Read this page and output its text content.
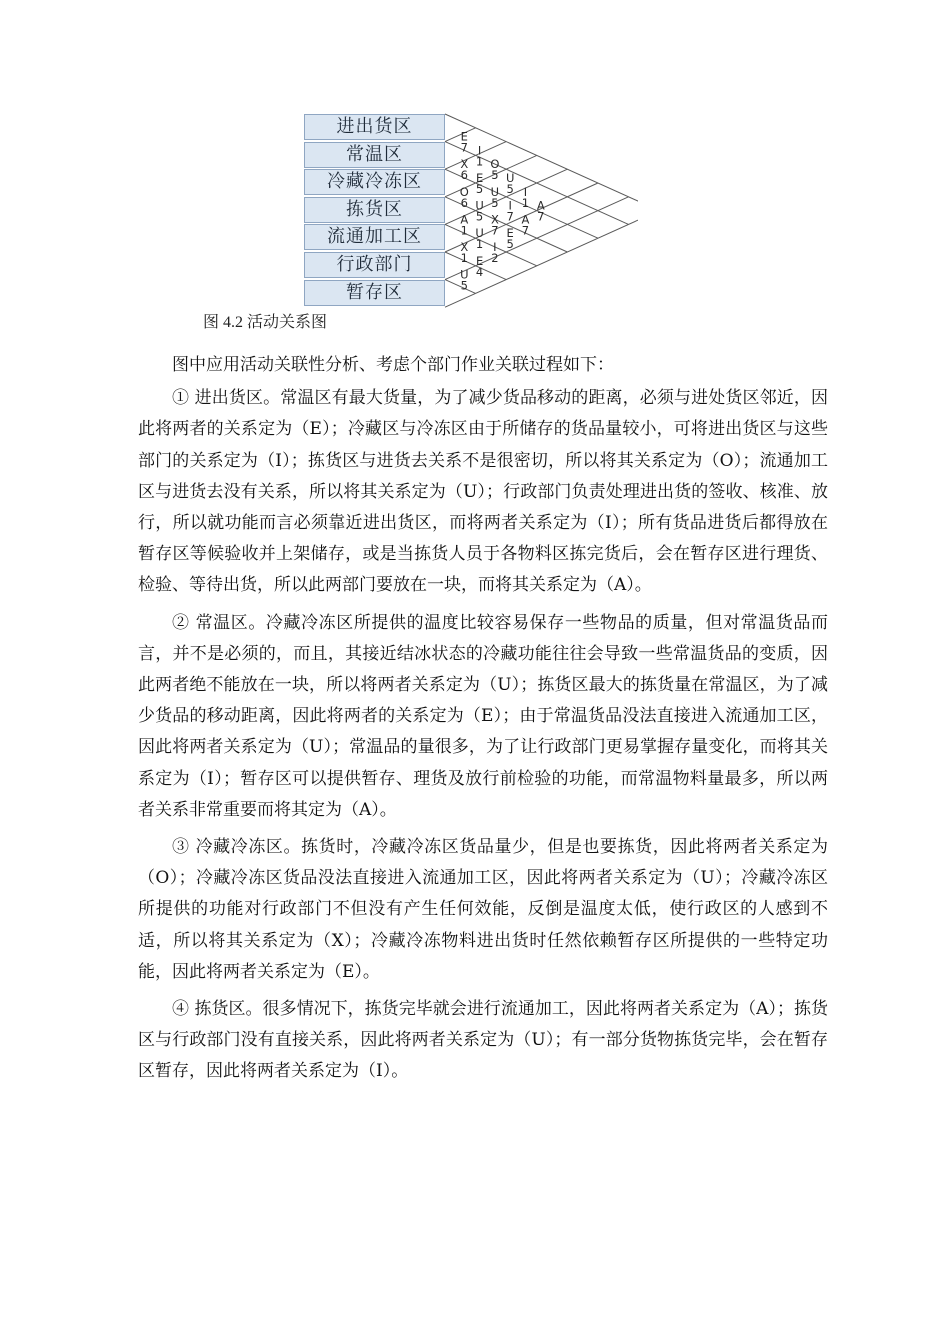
进出货区
常温区
冷藏冷冻区
拣货区
流通加工区
行政部门
暂存区
E
7 I
1 O
5 U
5 I
1 A
7
X
6 E
5 U
5 I
7 A
7
O
6 U
5 X
7 E
5
A
1 U
1 I
2
X
1 E
4
U
5
图 4.2 活动关系图

图中应用活动关联性分析、考虑个部门作业关联过程如下：

① 进出货区。常温区有最大货量，为了减少货品移动的距离，必须与进处货区邻近，因此将两者的关系定为（E）；冷藏区与冷冻区由于所储存的货品量较小，可将进出货区与这些部门的关系定为（I）；拣货区与进货去关系不是很密切，所以将其关系定为（O）；流通加工区与进货去没有关系，所以将其关系定为（U）；行政部门负责处理进出货的签收、核准、放行，所以就功能而言必须靠近进出货区，而将两者关系定为（I）；所有货品进货后都得放在暂存区等候验收并上架储存，或是当拣货人员于各物料区拣完货后，会在暂存区进行理货、检验、等待出货，所以此两部门要放在一块，而将其关系定为（A）。

② 常温区。冷藏冷冻区所提供的温度比较容易保存一些物品的质量，但对常温货品而言，并不是必须的，而且，其接近结冰状态的冷藏功能往往会导致一些常温货品的变质，因此两者绝不能放在一块，所以将两者关系定为（U）；拣货区最大的拣货量在常温区，为了减少货品的移动距离，因此将两者的关系定为（E）；由于常温货品没法直接进入流通加工区，因此将两者关系定为（U）；常温品的量很多，为了让行政部门更易掌握存量变化，而将其关系定为（I）；暂存区可以提供暂存、理货及放行前检验的功能，而常温物料量最多，所以两者关系非常重要而将其定为（A）。

③ 冷藏冷冻区。拣货时，冷藏冷冻区货品量少，但是也要拣货，因此将两者关系定为（O）；冷藏冷冻区货品没法直接进入流通加工区，因此将两者关系定为（U）；冷藏冷冻区所提供的功能对行政部门不但没有产生任何效能，反倒是温度太低，使行政区的人感到不适，所以将其关系定为（X）；冷藏冷冻物料进出货时任然依赖暂存区所提供的一些特定功能，因此将两者关系定为（E）。

④ 拣货区。很多情况下，拣货完毕就会进行流通加工，因此将两者关系定为（A）；拣货区与行政部门没有直接关系，因此将两者关系定为（U）；有一部分货物拣货完毕，会在暂存区暂存，因此将两者关系定为（I）。
